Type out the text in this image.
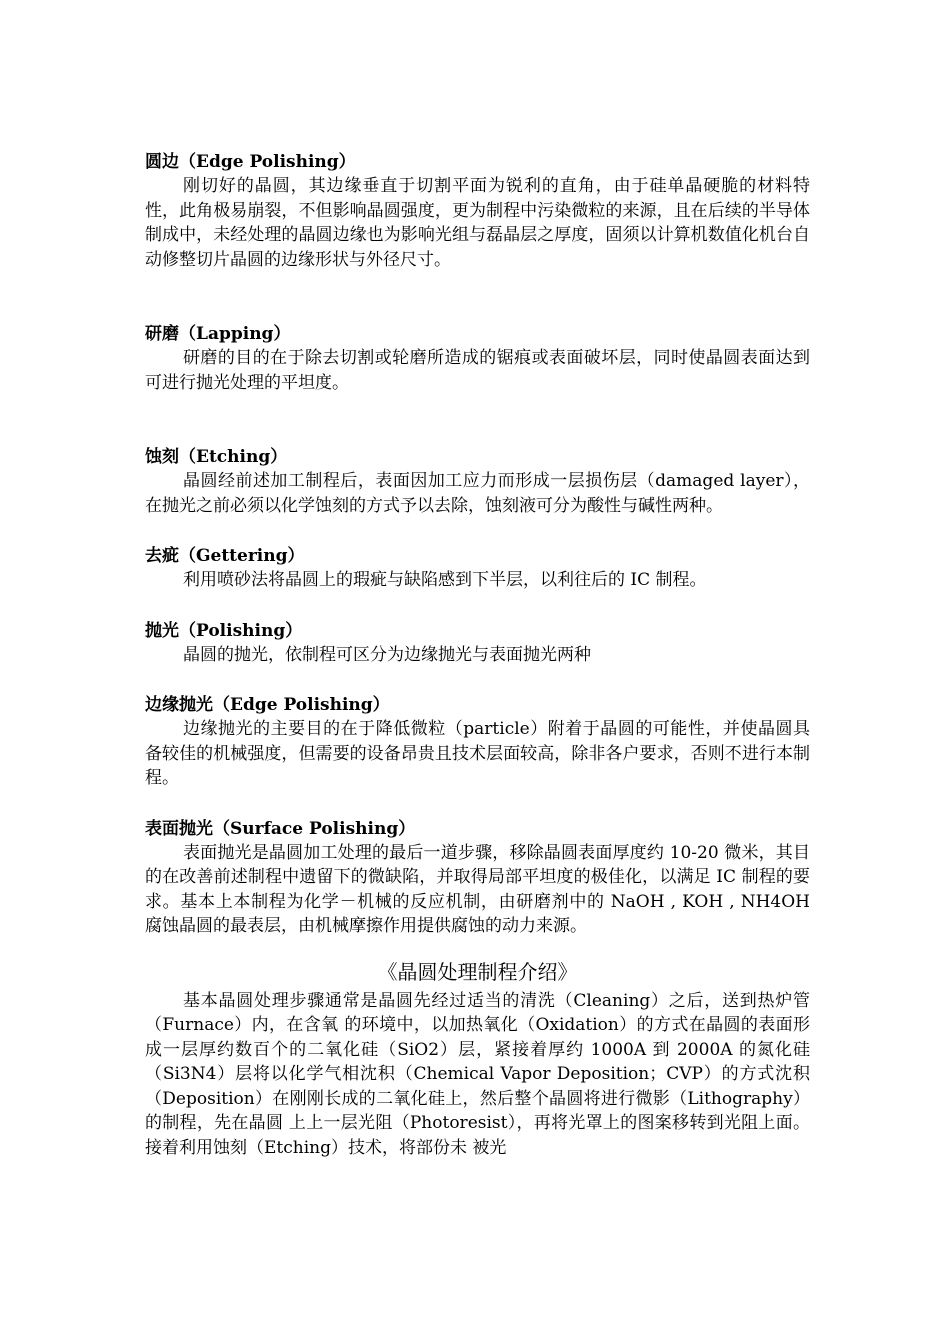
圆边（Edge Polishing）

刚切好的晶圆，其边缘垂直于切割平面为锐利的直角，由于硅单晶硬脆的材料特性，此角极易崩裂，不但影响晶圆强度，更为制程中污染微粒的来源，且在后续的半导体制成中，未经处理的晶圆边缘也为影响光组与磊晶层之厚度，固须以计算机数值化机台自动修整切片晶圆的边缘形状与外径尺寸。

研磨（Lapping）

研磨的目的在于除去切割或轮磨所造成的锯痕或表面破坏层，同时使晶圆表面达到可进行抛光处理的平坦度。

蚀刻（Etching）

晶圆经前述加工制程后，表面因加工应力而形成一层损伤层（damaged layer），在抛光之前必须以化学蚀刻的方式予以去除，蚀刻液可分为酸性与碱性两种。

去疵（Gettering）

利用喷砂法将晶圆上的瑕疵与缺陷感到下半层，以利往后的 IC 制程。

抛光（Polishing）

晶圆的抛光，依制程可区分为边缘抛光与表面抛光两种

边缘抛光（Edge Polishing）

边缘抛光的主要目的在于降低微粒（particle）附着于晶圆的可能性，并使晶圆具备较佳的机械强度，但需要的设备昂贵且技术层面较高，除非各户要求，否则不进行本制程。

表面抛光（Surface Polishing）

表面抛光是晶圆加工处理的最后一道步骤，移除晶圆表面厚度约 10-20 微米，其目的在改善前述制程中遗留下的微缺陷，并取得局部平坦度的极佳化，以满足 IC 制程的要求。基本上本制程为化学－机械的反应机制，由研磨剂中的 NaOH , KOH , NH4OH 腐蚀晶圆的最表层，由机械摩擦作用提供腐蚀的动力来源。

《晶圆处理制程介绍》

基本晶圆处理步骤通常是晶圆先经过适当的清洗（Cleaning）之后，送到热炉管（Furnace）内，在含氧 的环境中，以加热氧化（Oxidation）的方式在晶圆的表面形成一层厚约数百个的二氧化硅（SiO2）层，紧接着厚约 1000A 到 2000A 的氮化硅（Si3N4）层将以化学气相沈积（Chemical Vapor Deposition；CVP）的方式沈积（Deposition）在刚刚长成的二氧化硅上，然后整个晶圆将进行微影（Lithography）的制程，先在晶圆 上上一层光阻（Photoresist），再将光罩上的图案移转到光阻上面。接着利用蚀刻（Etching）技术，将部份未 被光
